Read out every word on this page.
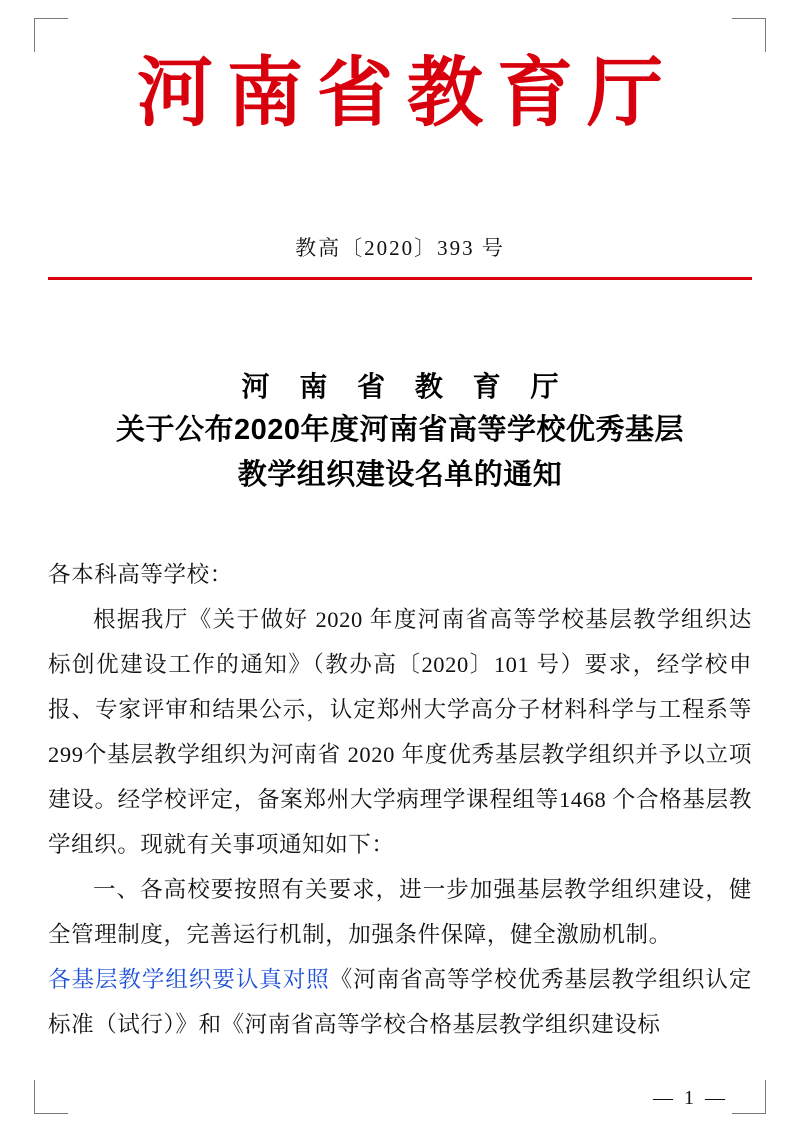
河南省教育厅
教高〔2020〕393 号
河 南 省 教 育 厅
关于公布2020年度河南省高等学校优秀基层
教学组织建设名单的通知

各本科高等学校：

根据我厅《关于做好 2020 年度河南省高等学校基层教学组织达标创优建设工作的通知》（教办高〔2020〕101 号）要求，经学校申报、专家评审和结果公示，认定郑州大学高分子材料科学与工程系等299个基层教学组织为河南省 2020 年度优秀基层教学组织并予以立项建设。经学校评定，备案郑州大学病理学课程组等1468 个合格基层教学组织。现就有关事项通知如下：

一、各高校要按照有关要求，进一步加强基层教学组织建设，健全管理制度，完善运行机制，加强条件保障，健全激励机制。

各基层教学组织要认真对照《河南省高等学校优秀基层教学组织认定标准（试行）》和《河南省高等学校合格基层教学组织建设标

— 1 —
